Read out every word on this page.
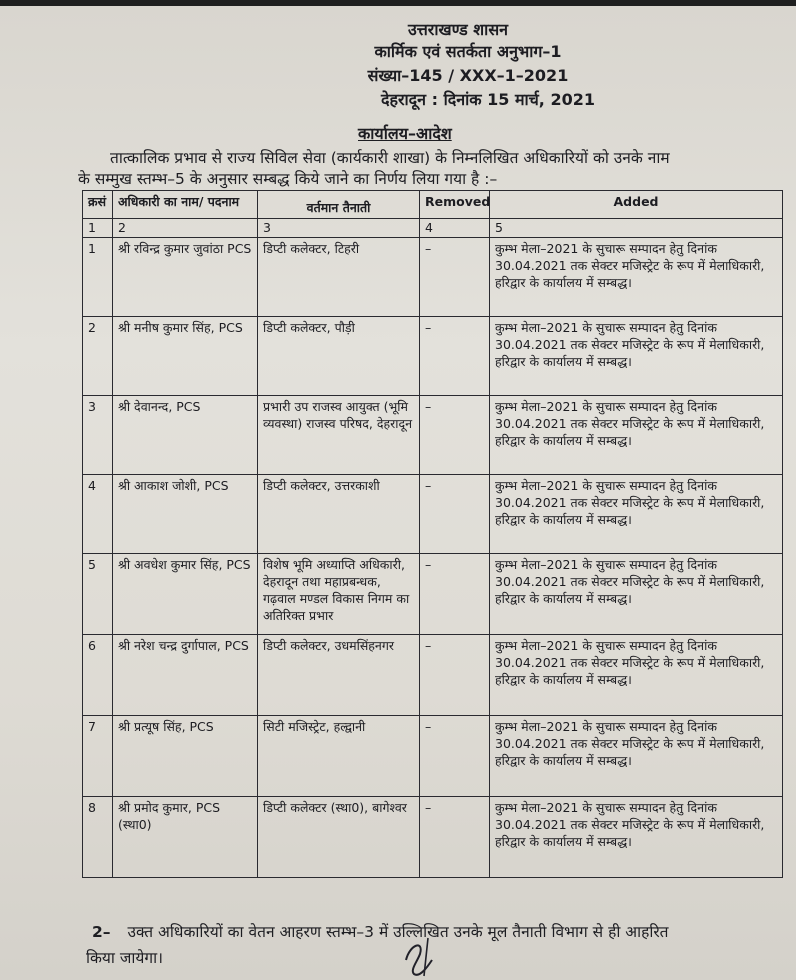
उत्तराखण्ड शासन
कार्मिक एवं सतर्कता अनुभाग–1
संख्या–145 / XXX–1–2021
देहरादून : दिनांक 15 मार्च, 2021
कार्यालय–आदेश
तात्कालिक प्रभाव से राज्य सिविल सेवा (कार्यकारी शाखा) के निम्नलिखित अधिकारियों को उनके नाम
के सम्मुख स्तम्भ–5 के अनुसार सम्बद्ध किये जाने का निर्णय लिया गया है :–
क्रसं	अधिकारी का नाम/ पदनाम	वर्तमान तैनाती	Removed	Added
1	2	3	4	5
1	श्री रविन्द्र कुमार जुवांठा PCS	डिप्टी कलेक्टर, टिहरी	–	कुम्भ मेला–2021 के सुचारू सम्पादन हेतु दिनांक 30.04.2021 तक सेक्टर मजिस्ट्रेट के रूप में मेलाधिकारी, हरिद्वार के कार्यालय में सम्बद्ध।
2	श्री मनीष कुमार सिंह, PCS	डिप्टी कलेक्टर, पौड़ी	–	कुम्भ मेला–2021 के सुचारू सम्पादन हेतु दिनांक 30.04.2021 तक सेक्टर मजिस्ट्रेट के रूप में मेलाधिकारी, हरिद्वार के कार्यालय में सम्बद्ध।
3	श्री देवानन्द, PCS	प्रभारी उप राजस्व आयुक्त (भूमि व्यवस्था) राजस्व परिषद, देहरादून	–	कुम्भ मेला–2021 के सुचारू सम्पादन हेतु दिनांक 30.04.2021 तक सेक्टर मजिस्ट्रेट के रूप में मेलाधिकारी, हरिद्वार के कार्यालय में सम्बद्ध।
4	श्री आकाश जोशी, PCS	डिप्टी कलेक्टर, उत्तरकाशी	–	कुम्भ मेला–2021 के सुचारू सम्पादन हेतु दिनांक 30.04.2021 तक सेक्टर मजिस्ट्रेट के रूप में मेलाधिकारी, हरिद्वार के कार्यालय में सम्बद्ध।
5	श्री अवधेश कुमार सिंह, PCS	विशेष भूमि अध्याप्ति अधिकारी, देहरादून तथा महाप्रबन्धक, गढ़वाल मण्डल विकास निगम का अतिरिक्त प्रभार	–	कुम्भ मेला–2021 के सुचारू सम्पादन हेतु दिनांक 30.04.2021 तक सेक्टर मजिस्ट्रेट के रूप में मेलाधिकारी, हरिद्वार के कार्यालय में सम्बद्ध।
6	श्री नरेश चन्द्र दुर्गापाल, PCS	डिप्टी कलेक्टर, उधमसिंहनगर	–	कुम्भ मेला–2021 के सुचारू सम्पादन हेतु दिनांक 30.04.2021 तक सेक्टर मजिस्ट्रेट के रूप में मेलाधिकारी, हरिद्वार के कार्यालय में सम्बद्ध।
7	श्री प्रत्यूष सिंह, PCS	सिटी मजिस्ट्रेट, हल्द्वानी	–	कुम्भ मेला–2021 के सुचारू सम्पादन हेतु दिनांक 30.04.2021 तक सेक्टर मजिस्ट्रेट के रूप में मेलाधिकारी, हरिद्वार के कार्यालय में सम्बद्ध।
8	श्री प्रमोद कुमार, PCS (स्था0)	डिप्टी कलेक्टर (स्था0), बागेश्वर	–	कुम्भ मेला–2021 के सुचारू सम्पादन हेतु दिनांक 30.04.2021 तक सेक्टर मजिस्ट्रेट के रूप में मेलाधिकारी, हरिद्वार के कार्यालय में सम्बद्ध।
2– उक्त अधिकारियों का वेतन आहरण स्तम्भ–3 में उल्लिखित उनके मूल तैनाती विभाग से ही आहरित
किया जायेगा।
